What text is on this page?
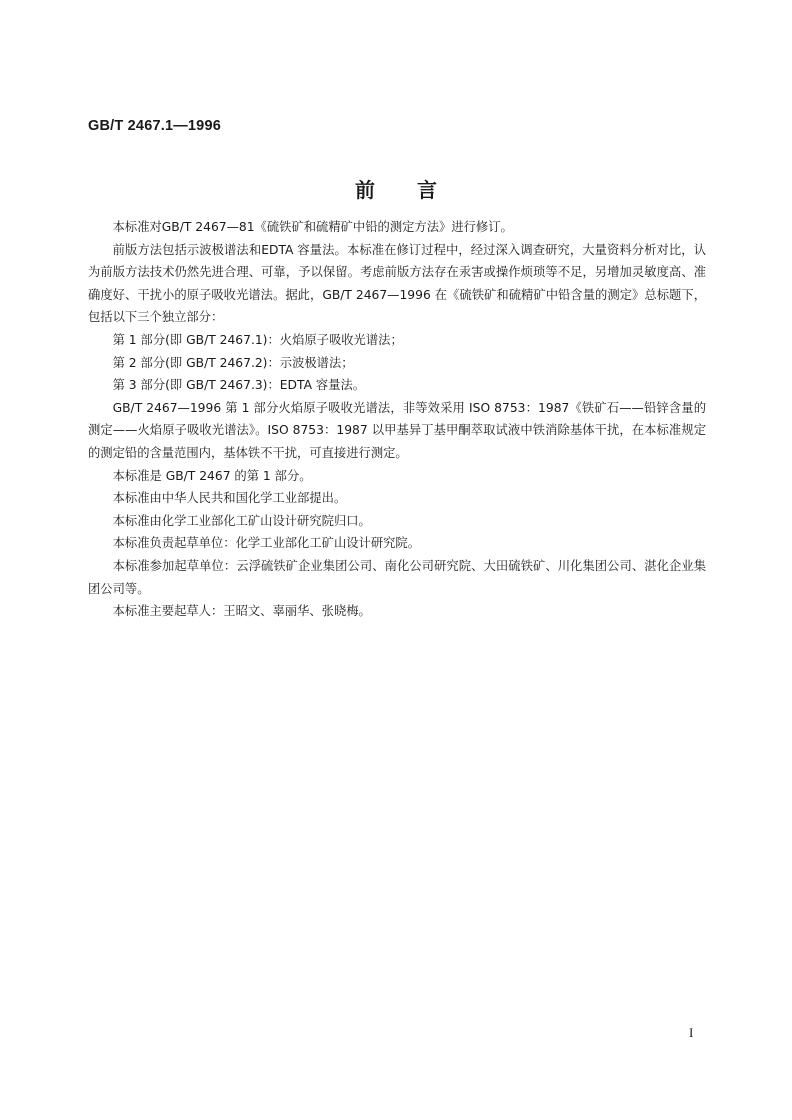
GB/T 2467.1—1996
前言

本标准对GB/T 2467—81《硫铁矿和硫精矿中铅的测定方法》进行修订。

前版方法包括示波极谱法和EDTA 容量法。本标准在修订过程中，经过深入调查研究，大量资料分析对比，认为前版方法技术仍然先进合理、可靠，予以保留。考虑前版方法存在汞害或操作烦琐等不足，另增加灵敏度高、准确度好、干扰小的原子吸收光谱法。据此，GB/T 2467—1996 在《硫铁矿和硫精矿中铅含量的测定》总标题下，包括以下三个独立部分：

第 1 部分(即 GB/T 2467.1)：火焰原子吸收光谱法；

第 2 部分(即 GB/T 2467.2)：示波极谱法；

第 3 部分(即 GB/T 2467.3)：EDTA 容量法。

GB/T 2467—1996 第 1 部分火焰原子吸收光谱法，非等效采用 ISO 8753：1987《铁矿石——铅锌含量的测定——火焰原子吸收光谱法》。ISO 8753：1987 以甲基异丁基甲酮萃取试液中铁消除基体干扰，在本标准规定的测定铅的含量范围内，基体铁不干扰，可直接进行测定。

本标准是 GB/T 2467 的第 1 部分。

本标准由中华人民共和国化学工业部提出。

本标准由化学工业部化工矿山设计研究院归口。

本标准负责起草单位：化学工业部化工矿山设计研究院。

本标准参加起草单位：云浮硫铁矿企业集团公司、南化公司研究院、大田硫铁矿、川化集团公司、湛化企业集团公司等。

本标准主要起草人：王昭文、辜丽华、张晓梅。

I
